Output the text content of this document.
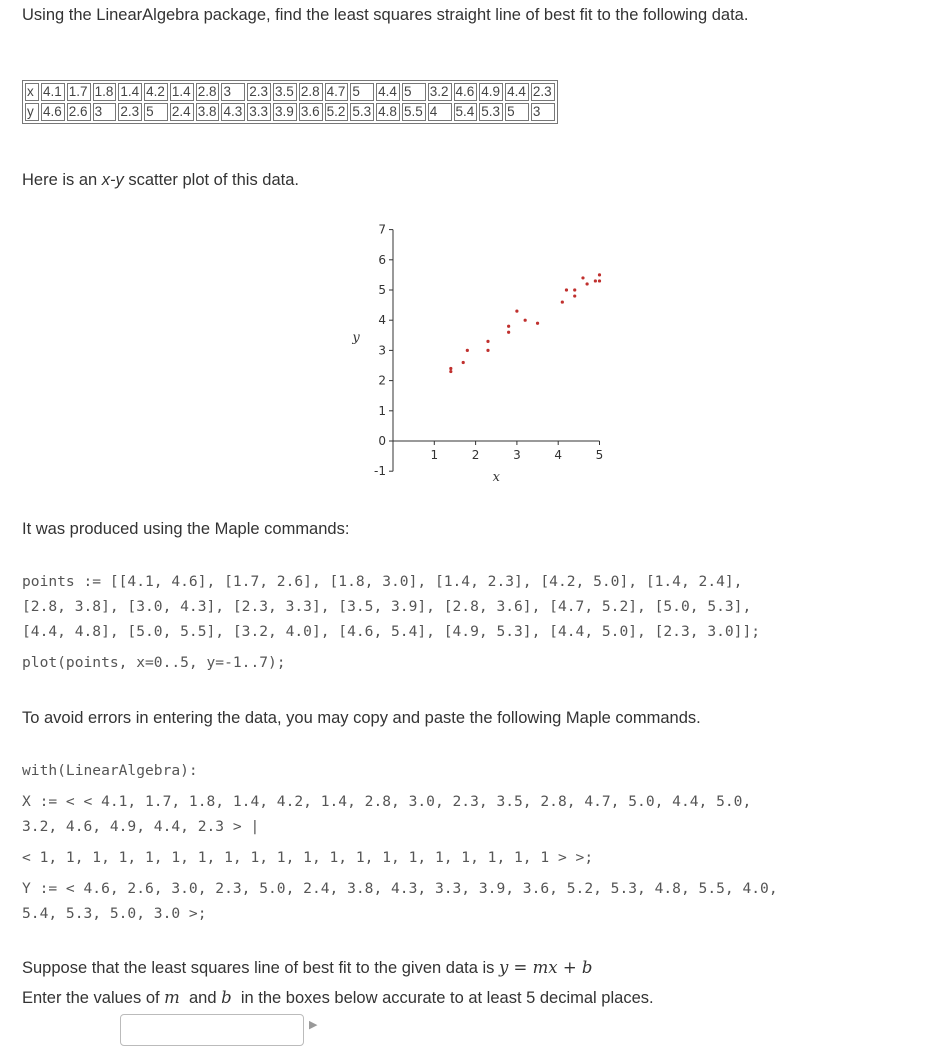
Using the LinearAlgebra package, find the least squares straight line of best fit to the following data.

x	4.1	1.7	1.8	1.4	4.2	1.4	2.8	3	2.3	3.5	2.8	4.7	5	4.4	5	3.2	4.6	4.9	4.4	2.3
y	4.6	2.6	3	2.3	5	2.4	3.8	4.3	3.3	3.9	3.6	5.2	5.3	4.8	5.5	4	5.4	5.3	5	3

Here is an x-y scatter plot of this data.

-1
0
1
2
3
4
5
6
7
1	2	3	4	5
x
y

It was produced using the Maple commands:

points := [[4.1, 4.6], [1.7, 2.6], [1.8, 3.0], [1.4, 2.3], [4.2, 5.0], [1.4, 2.4],
[2.8, 3.8], [3.0, 4.3], [2.3, 3.3], [3.5, 3.9], [2.8, 3.6], [4.7, 5.2], [5.0, 5.3],
[4.4, 4.8], [5.0, 5.5], [3.2, 4.0], [4.6, 5.4], [4.9, 5.3], [4.4, 5.0], [2.3, 3.0]];
plot(points, x=0..5, y=-1..7);

To avoid errors in entering the data, you may copy and paste the following Maple commands.

with(LinearAlgebra):
X := < < 4.1, 1.7, 1.8, 1.4, 4.2, 1.4, 2.8, 3.0, 2.3, 3.5, 2.8, 4.7, 5.0, 4.4, 5.0,
3.2, 4.6, 4.9, 4.4, 2.3 > |
< 1, 1, 1, 1, 1, 1, 1, 1, 1, 1, 1, 1, 1, 1, 1, 1, 1, 1, 1, 1 > >;
Y := < 4.6, 2.6, 3.0, 2.3, 5.0, 2.4, 3.8, 4.3, 3.3, 3.9, 3.6, 5.2, 5.3, 4.8, 5.5, 4.0,
5.4, 5.3, 5.0, 3.0 >;

Suppose that the least squares line of best fit to the given data is y = mx + b

Enter the values of m  and b  in the boxes below accurate to at least 5 decimal places.

▶
